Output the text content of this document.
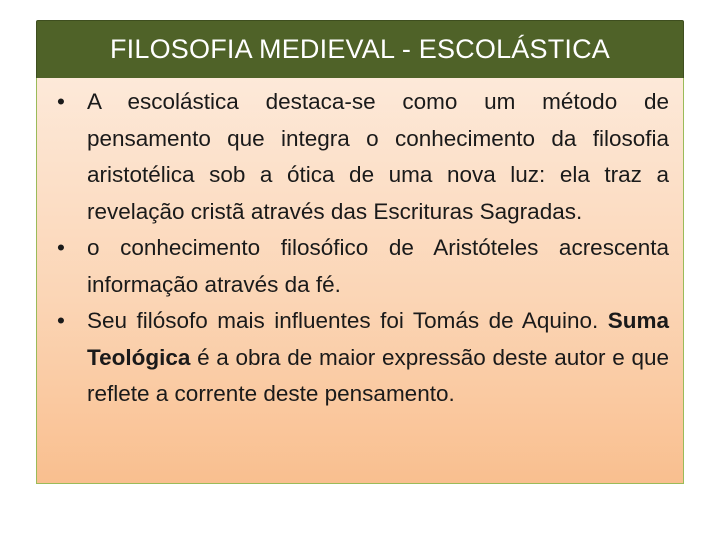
FILOSOFIA MEDIEVAL - ESCOLÁSTICA
• A escolástica destaca-se como um método de pensamento que integra o conhecimento da filosofia aristotélica sob a ótica de uma nova luz: ela traz a revelação cristã através das Escrituras Sagradas.
• o conhecimento filosófico de Aristóteles acrescenta informação através da fé.
• Seu filósofo mais influentes foi Tomás de Aquino. Suma Teológica é a obra de maior expressão deste autor e que reflete a corrente deste pensamento.
